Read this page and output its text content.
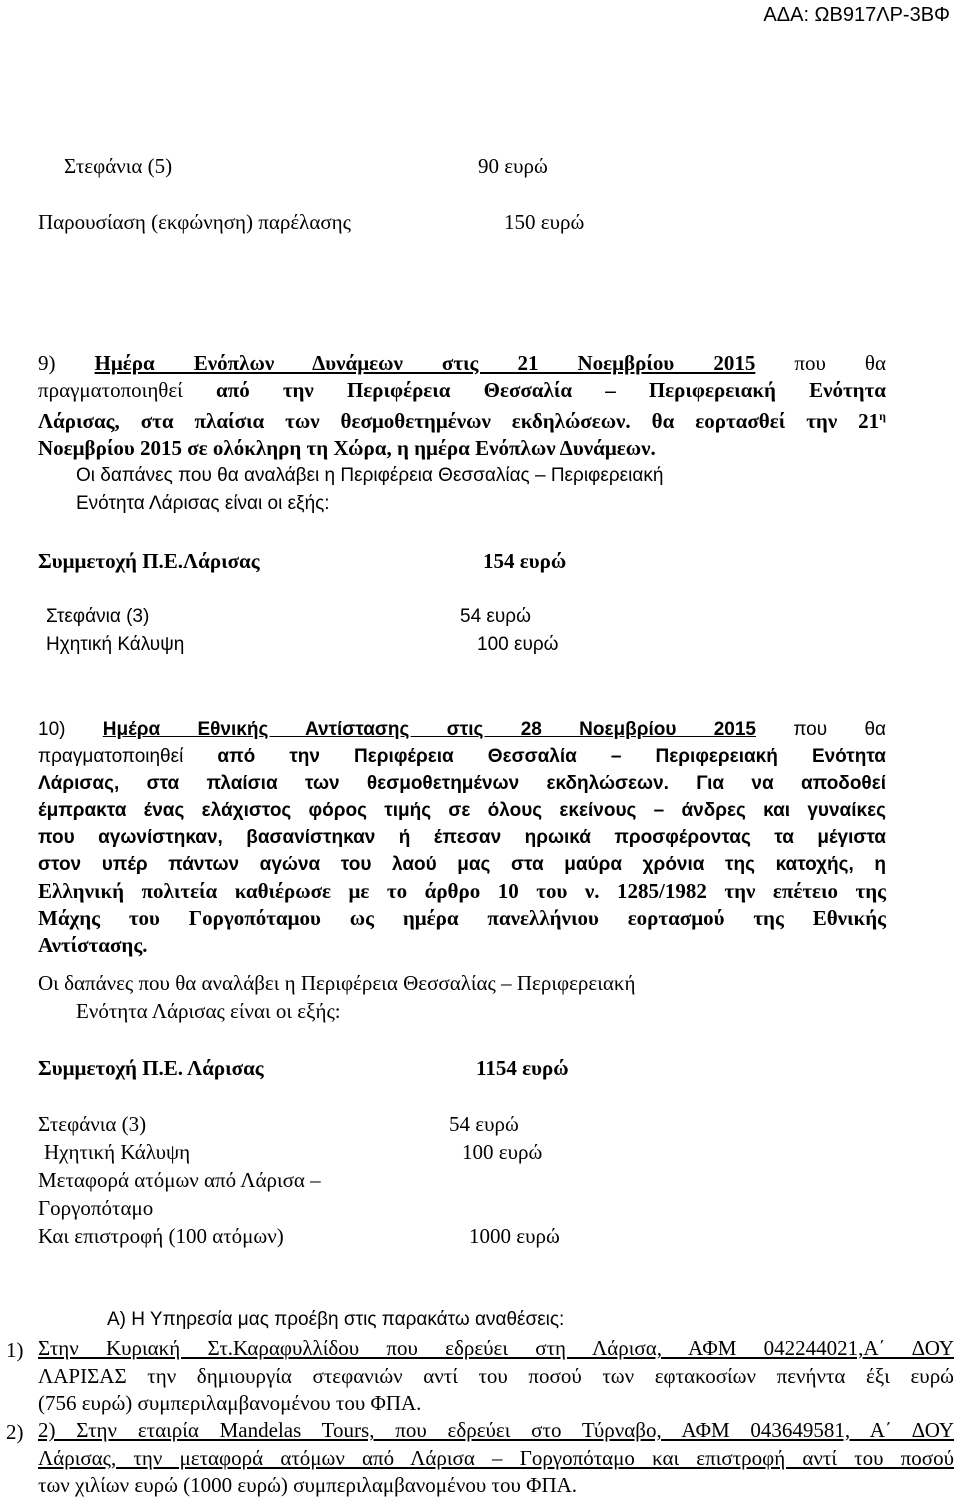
ΑΔΑ: ΩΒ917ΛΡ-3ΒΦ
Στεφάνια (5)	90 ευρώ
Παρουσίαση (εκφώνηση) παρέλασης	150 ευρώ
9) Ημέρα Ενόπλων Δυνάμεων στις 21 Νοεμβρίου 2015 που θα
πραγματοποιηθεί από την Περιφέρεια Θεσσαλία – Περιφερειακή Ενότητα
Λάρισας, στα πλαίσια των θεσμοθετημένων εκδηλώσεων. θα εορτασθεί την $21^\eta$
Νοεμβρίου 2015 σε ολόκληρη τη Χώρα, η ημέρα Ενόπλων Δυνάμεων.
Οι δαπάνες που θα αναλάβει η Περιφέρεια Θεσσαλίας – Περιφερειακή
Ενότητα Λάρισας είναι οι εξής:
Συμμετοχή Π.Ε.Λάρισας	154 ευρώ
Στεφάνια (3)	54 ευρώ
Ηχητική Κάλυψη	100 ευρώ
10) Ημέρα Εθνικής Αντίστασης στις 28 Νοεμβρίου 2015 που θα
πραγματοποιηθεί από την Περιφέρεια Θεσσαλία – Περιφερειακή Ενότητα
Λάρισας, στα πλαίσια των θεσμοθετημένων εκδηλώσεων. Για να αποδοθεί
έμπρακτα ένας ελάχιστος φόρος τιμής σε όλους εκείνους – άνδρες και γυναίκες
που αγωνίστηκαν, βασανίστηκαν ή έπεσαν ηρωικά προσφέροντας τα μέγιστα
στον υπέρ πάντων αγώνα του λαού μας στα μαύρα χρόνια της κατοχής, η
Ελληνική πολιτεία καθιέρωσε με το άρθρο 10 του ν. 1285/1982 την επέτειο της
Μάχης του Γοργοπόταμου ως ημέρα πανελλήνιου εορτασμού της Εθνικής
Αντίστασης.
Οι δαπάνες που θα αναλάβει η Περιφέρεια Θεσσαλίας – Περιφερειακή
Ενότητα Λάρισας είναι οι εξής:
Συμμετοχή Π.Ε. Λάρισας	1154 ευρώ
Στεφάνια (3)	54 ευρώ
Ηχητική Κάλυψη	100 ευρώ
Μεταφορά ατόμων από Λάρισα –
Γοργοπόταμο
Και επιστροφή (100 ατόμων)	1000 ευρώ
Α) Η Υπηρεσία μας προέβη στις παρακάτω αναθέσεις:
1) Στην Κυριακή Στ.Καραφυλλίδου που εδρεύει στη Λάρισα, ΑΦΜ 042244021,Α΄ ΔΟΥ
ΛΑΡΙΣΑΣ την δημιουργία στεφανιών αντί του ποσού των εφτακοσίων πενήντα έξι ευρώ
(756 ευρώ) συμπεριλαμβανομένου του ΦΠΑ.
2) 2) Στην εταιρία Mandelas Tours, που εδρεύει στο Τύρναβο, ΑΦΜ 043649581, Α΄ ΔΟΥ
Λάρισας, την μεταφορά ατόμων από Λάρισα – Γοργοπόταμο και επιστροφή αντί του ποσού
των χιλίων ευρώ (1000 ευρώ) συμπεριλαμβανομένου του ΦΠΑ.
